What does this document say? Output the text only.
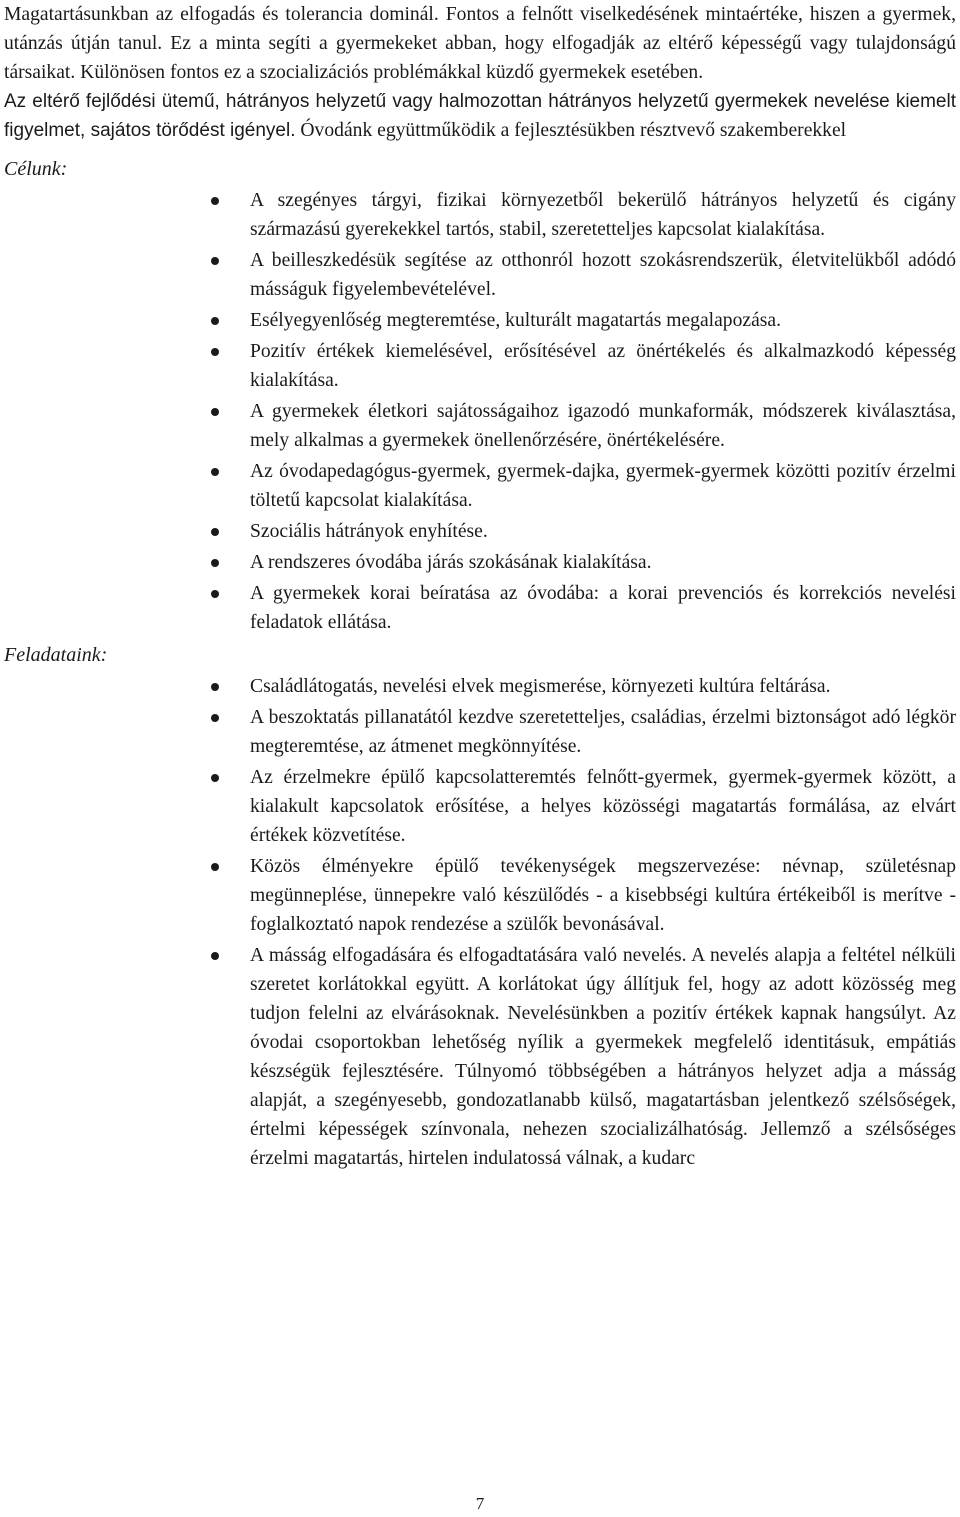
Magatartásunkban az elfogadás és tolerancia dominál. Fontos a felnőtt viselkedésének mintaértéke, hiszen a gyermek, utánzás útján tanul. Ez a minta segíti a gyermekeket abban, hogy elfogadják az eltérő képességű vagy tulajdonságú társaikat. Különösen fontos ez a szocializációs problémákkal küzdő gyermekek esetében.

Az eltérő fejlődési ütemű, hátrányos helyzetű vagy halmozottan hátrányos helyzetű gyermekek nevelése kiemelt figyelmet, sajátos törődést igényel. Óvodánk együttműködik a fejlesztésükben résztvevő szakemberekkel

Célunk:

A szegényes tárgyi, fizikai környezetből bekerülő hátrányos helyzetű és cigány származású gyerekekkel tartós, stabil, szeretetteljes kapcsolat kialakítása.
A beilleszkedésük segítése az otthonról hozott szokásrendszerük, életvitelükből adódó másságuk figyelembevételével.
Esélyegyenlőség megteremtése, kulturált magatartás megalapozása.
Pozitív értékek kiemelésével, erősítésével az önértékelés és alkalmazkodó képesség kialakítása.
A gyermekek életkori sajátosságaihoz igazodó munkaformák, módszerek kiválasztása, mely alkalmas a gyermekek önellenőrzésére, önértékelésére.
Az óvodapedagógus-gyermek, gyermek-dajka, gyermek-gyermek közötti pozitív érzelmi töltetű kapcsolat kialakítása.
Szociális hátrányok enyhítése.
A rendszeres óvodába járás szokásának kialakítása.
A gyermekek korai beíratása az óvodába: a korai prevenciós és korrekciós nevelési feladatok ellátása.

Feladataink:

Családlátogatás, nevelési elvek megismerése, környezeti kultúra feltárása.
A beszoktatás pillanatától kezdve szeretetteljes, családias, érzelmi biztonságot adó légkör megteremtése, az átmenet megkönnyítése.
Az érzelmekre épülő kapcsolatteremtés felnőtt-gyermek, gyermek-gyermek között, a kialakult kapcsolatok erősítése, a helyes közösségi magatartás formálása, az elvárt értékek közvetítése.
Közös élményekre épülő tevékenységek megszervezése: névnap, születésnap megünneplése, ünnepekre való készülődés - a kisebbségi kultúra értékeiből is merítve - foglalkoztató napok rendezése a szülők bevonásával.
A másság elfogadására és elfogadtatására való nevelés. A nevelés alapja a feltétel nélküli szeretet korlátokkal együtt. A korlátokat úgy állítjuk fel, hogy az adott közösség meg tudjon felelni az elvárásoknak. Nevelésünkben a pozitív értékek kapnak hangsúlyt. Az óvodai csoportokban lehetőség nyílik a gyermekek megfelelő identitásuk, empátiás készségük fejlesztésére. Túlnyomó többségében a hátrányos helyzet adja a másság alapját, a szegényesebb, gondozatlanabb külső, magatartásban jelentkező szélsőségek, értelmi képességek színvonala, nehezen szocializálhatóság. Jellemző a szélsőséges érzelmi magatartás, hirtelen indulatossá válnak, a kudarc
7
